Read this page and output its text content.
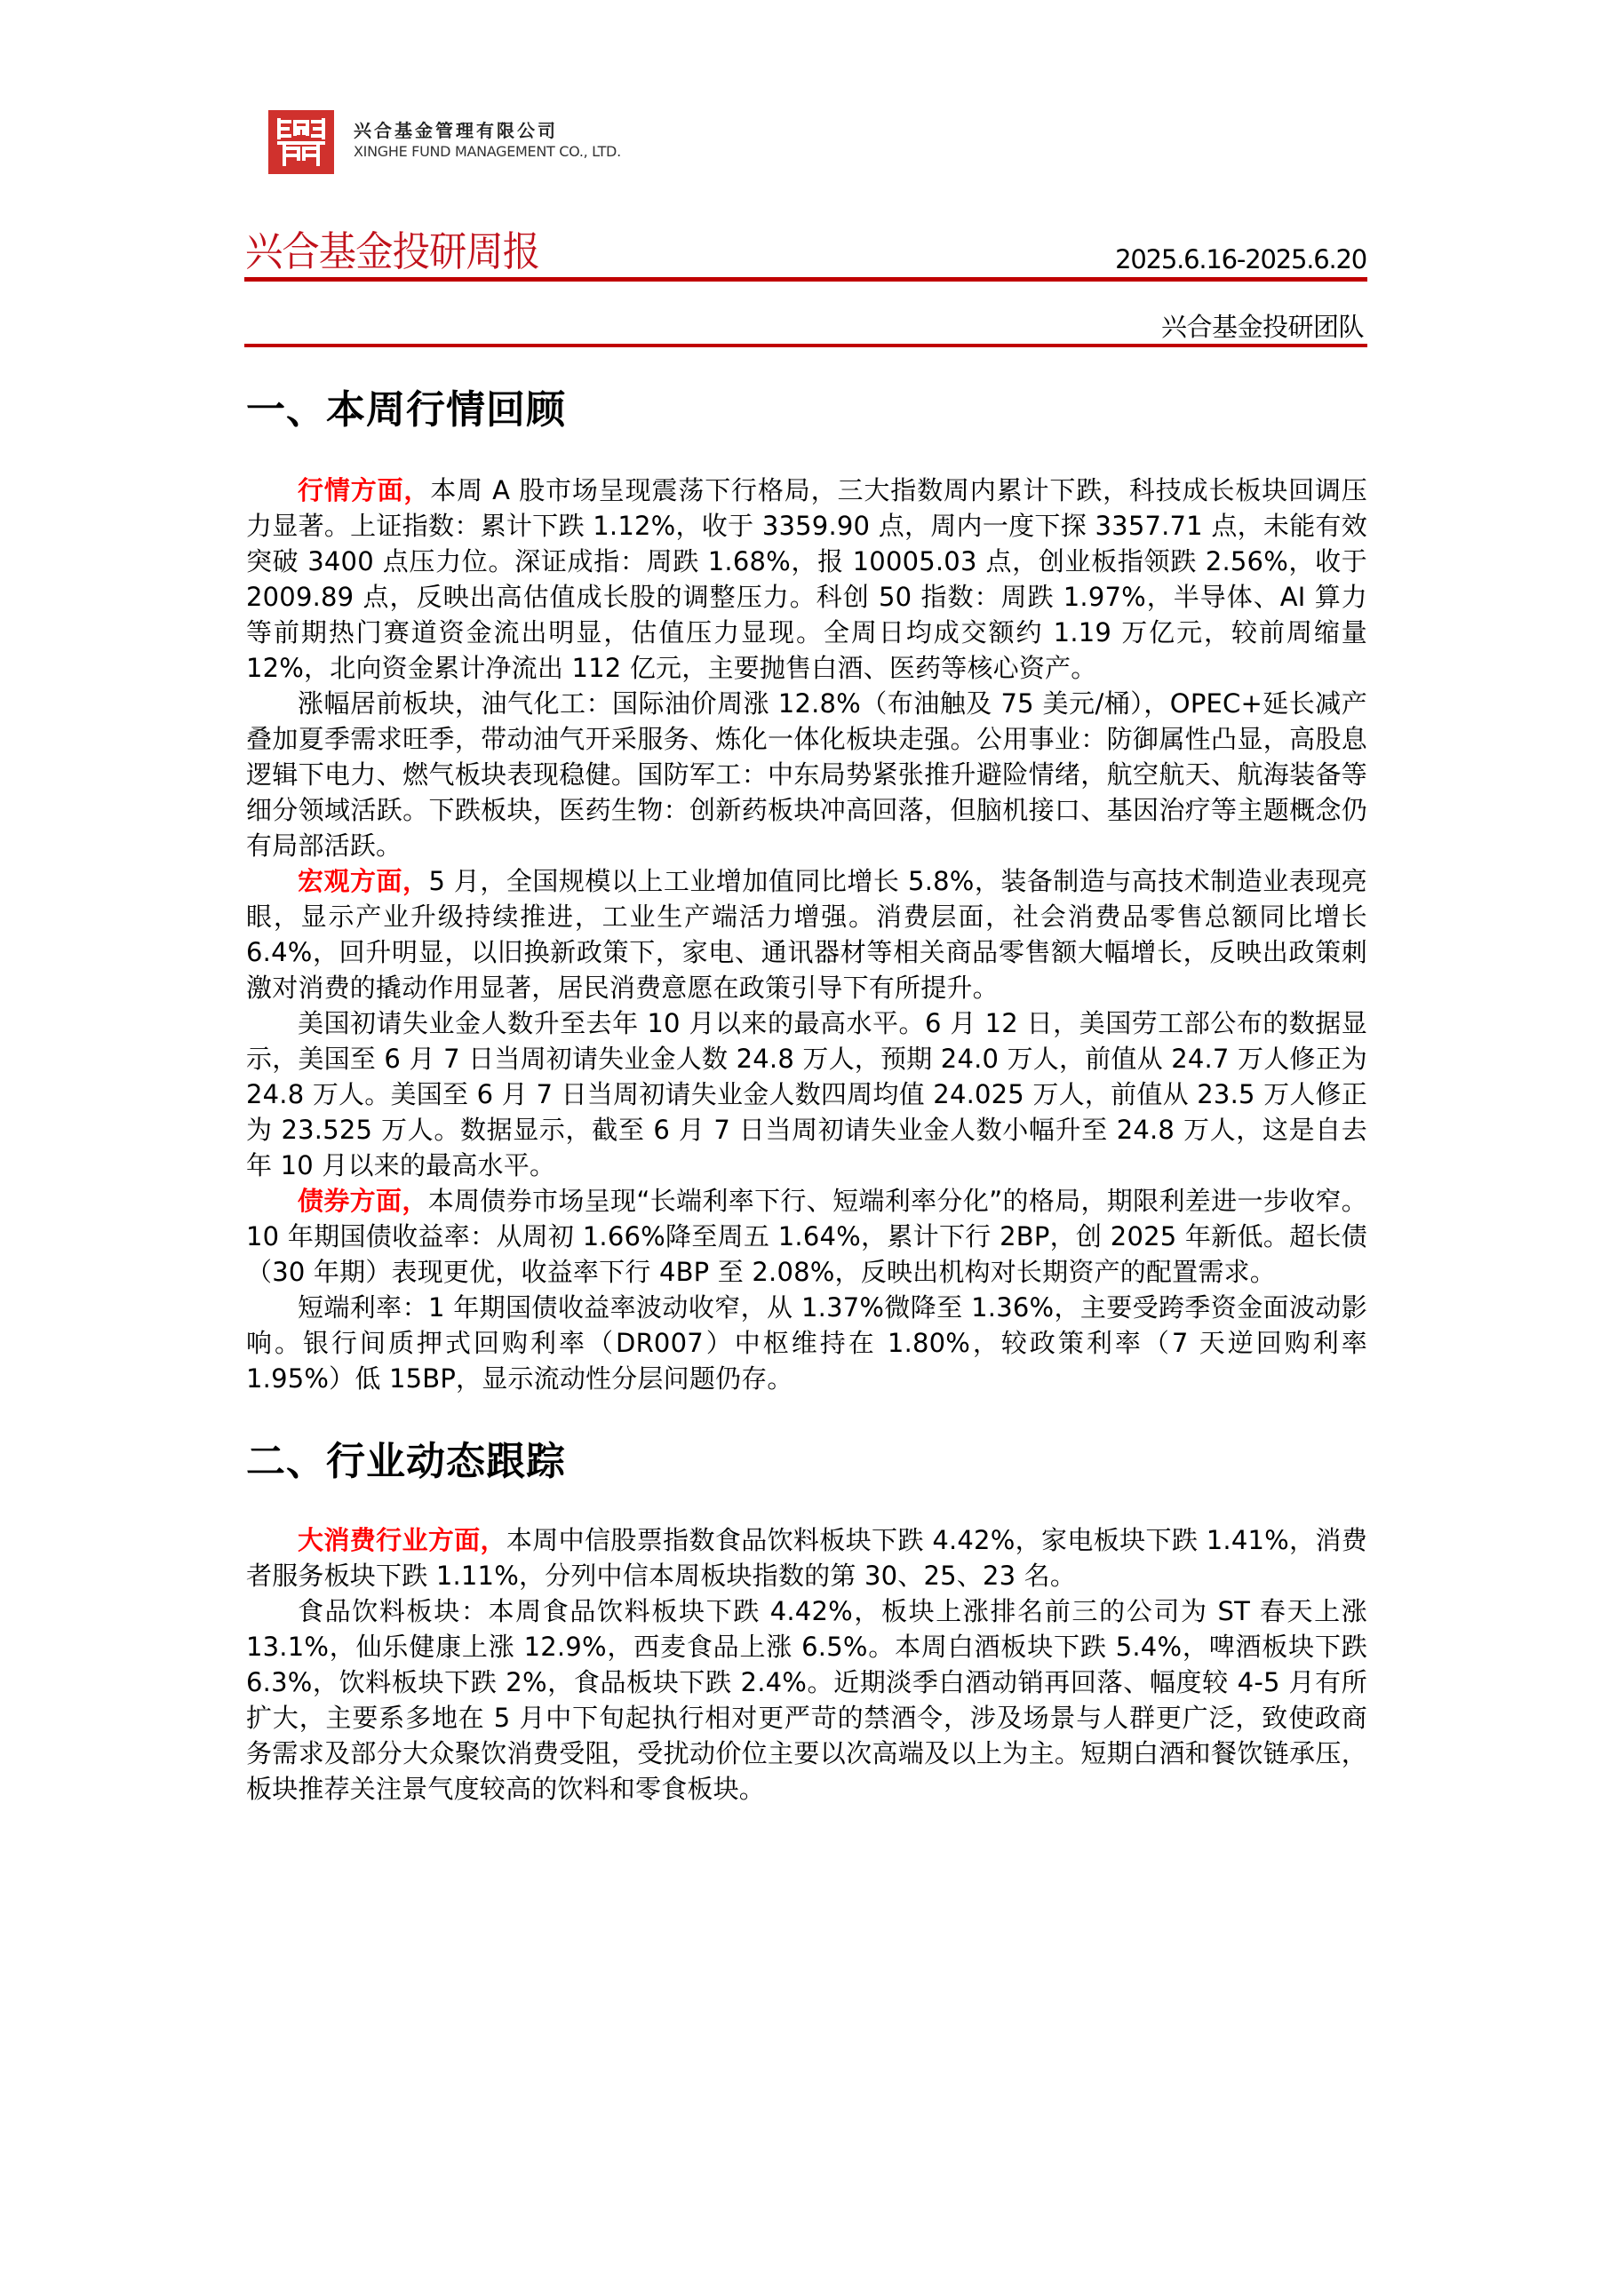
兴合基金管理有限公司
XINGHE FUND MANAGEMENT CO., LTD.
兴合基金投研周报	2025.6.16-2025.6.20
兴合基金投研团队
一、本周行情回顾

行情方面，本周 A 股市场呈现震荡下行格局，三大指数周内累计下跌，科技成长板块回调压力显著。上证指数：累计下跌 1.12%，收于 3359.90 点，周内一度下探 3357.71 点，未能有效突破 3400 点压力位。深证成指：周跌 1.68%，报 10005.03 点，创业板指领跌 2.56%，收于 2009.89 点，反映出高估值成长股的调整压力。科创 50 指数：周跌 1.97%，半导体、AI 算力等前期热门赛道资金流出明显，估值压力显现。全周日均成交额约 1.19 万亿元，较前周缩量 12%，北向资金累计净流出 112 亿元，主要抛售白酒、医药等核心资产。

涨幅居前板块，油气化工：国际油价周涨 12.8%（布油触及 75 美元/桶），OPEC+延长减产叠加夏季需求旺季，带动油气开采服务、炼化一体化板块走强。公用事业：防御属性凸显，高股息逻辑下电力、燃气板块表现稳健。国防军工：中东局势紧张推升避险情绪，航空航天、航海装备等细分领域活跃。下跌板块，医药生物：创新药板块冲高回落，但脑机接口、基因治疗等主题概念仍有局部活跃。

宏观方面，5 月，全国规模以上工业增加值同比增长 5.8%，装备制造与高技术制造业表现亮眼，显示产业升级持续推进，工业生产端活力增强。消费层面，社会消费品零售总额同比增长 6.4%，回升明显，以旧换新政策下，家电、通讯器材等相关商品零售额大幅增长，反映出政策刺激对消费的撬动作用显著，居民消费意愿在政策引导下有所提升。

美国初请失业金人数升至去年 10 月以来的最高水平。6 月 12 日，美国劳工部公布的数据显示，美国至 6 月 7 日当周初请失业金人数 24.8 万人，预期 24.0 万人，前值从 24.7 万人修正为 24.8 万人。美国至 6 月 7 日当周初请失业金人数四周均值 24.025 万人，前值从 23.5 万人修正为 23.525 万人。数据显示，截至 6 月 7 日当周初请失业金人数小幅升至 24.8 万人，这是自去年 10 月以来的最高水平。

债券方面，本周债券市场呈现“长端利率下行、短端利率分化”的格局，期限利差进一步收窄。10 年期国债收益率：从周初 1.66%降至周五 1.64%，累计下行 2BP，创 2025 年新低。超长债（30 年期）表现更优，收益率下行 4BP 至 2.08%，反映出机构对长期资产的配置需求。

短端利率：1 年期国债收益率波动收窄，从 1.37%微降至 1.36%，主要受跨季资金面波动影响。银行间质押式回购利率（DR007）中枢维持在 1.80%，较政策利率（7 天逆回购利率 1.95%）低 15BP，显示流动性分层问题仍存。

二、行业动态跟踪

大消费行业方面，本周中信股票指数食品饮料板块下跌 4.42%，家电板块下跌 1.41%，消费者服务板块下跌 1.11%，分列中信本周板块指数的第 30、25、23 名。

食品饮料板块：本周食品饮料板块下跌 4.42%，板块上涨排名前三的公司为 ST 春天上涨 13.1%，仙乐健康上涨 12.9%，西麦食品上涨 6.5%。本周白酒板块下跌 5.4%，啤酒板块下跌 6.3%，饮料板块下跌 2%，食品板块下跌 2.4%。近期淡季白酒动销再回落、幅度较 4-5 月有所扩大，主要系多地在 5 月中下旬起执行相对更严苛的禁酒令，涉及场景与人群更广泛，致使政商务需求及部分大众聚饮消费受阻，受扰动价位主要以次高端及以上为主。短期白酒和餐饮链承压，板块推荐关注景气度较高的饮料和零食板块。
